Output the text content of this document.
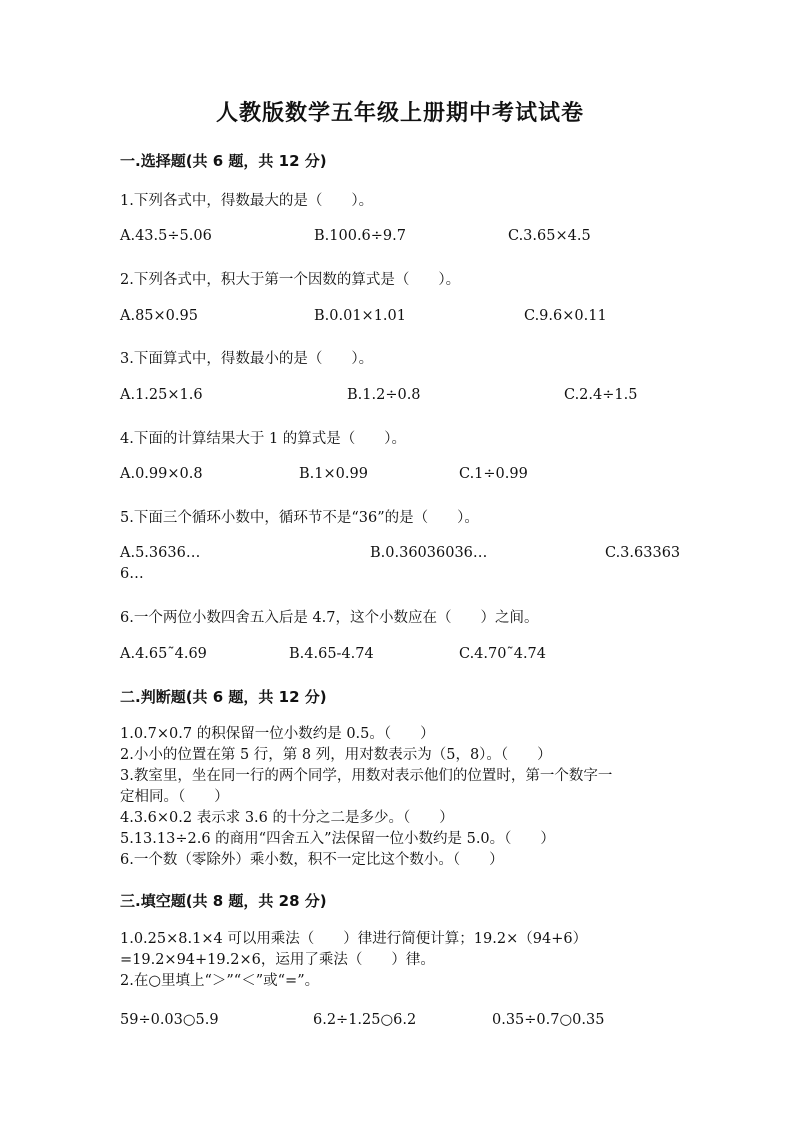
人教版数学五年级上册期中考试试卷
一.选择题(共 6 题，共 12 分)
1.下列各式中，得数最大的是（　　）。
A.43.5÷5.06	B.100.6÷9.7	C.3.65×4.5
2.下列各式中，积大于第一个因数的算式是（　　）。
A.85×0.95	B.0.01×1.01	C.9.6×0.11
3.下面算式中，得数最小的是（　　）。
A.1.25×1.6	B.1.2÷0.8	C.2.4÷1.5
4.下面的计算结果大于 1 的算式是（　　）。
A.0.99×0.8	B.1×0.99	C.1÷0.99
5.下面三个循环小数中，循环节不是“36”的是（　　）。
A.5.3636…	B.0.36036036…	C.3.63363
6…
6.一个两位小数四舍五入后是 4.7，这个小数应在（　　）之间。
A.4.65˜4.69	B.4.65-4.74	C.4.70˜4.74
二.判断题(共 6 题，共 12 分)
1.0.7×0.7 的积保留一位小数约是 0.5。（　　）
2.小小的位置在第 5 行，第 8 列，用对数表示为（5，8）。（　　）
3.教室里，坐在同一行的两个同学，用数对表示他们的位置时，第一个数字一
定相同。（　　）
4.3.6×0.2 表示求 3.6 的十分之二是多少。（　　）
5.13.13÷2.6 的商用“四舍五入”法保留一位小数约是 5.0。（　　）
6.一个数（零除外）乘小数，积不一定比这个数小。（　　）
三.填空题(共 8 题，共 28 分)
1.0.25×8.1×4 可以用乘法（　　）律进行简便计算；19.2×（94+6）
=19.2×94+19.2×6，运用了乘法（　　）律。
2.在○里填上“＞”“＜”或“=”。
59÷0.03○5.9	6.2÷1.25○6.2	0.35÷0.7○0.35
